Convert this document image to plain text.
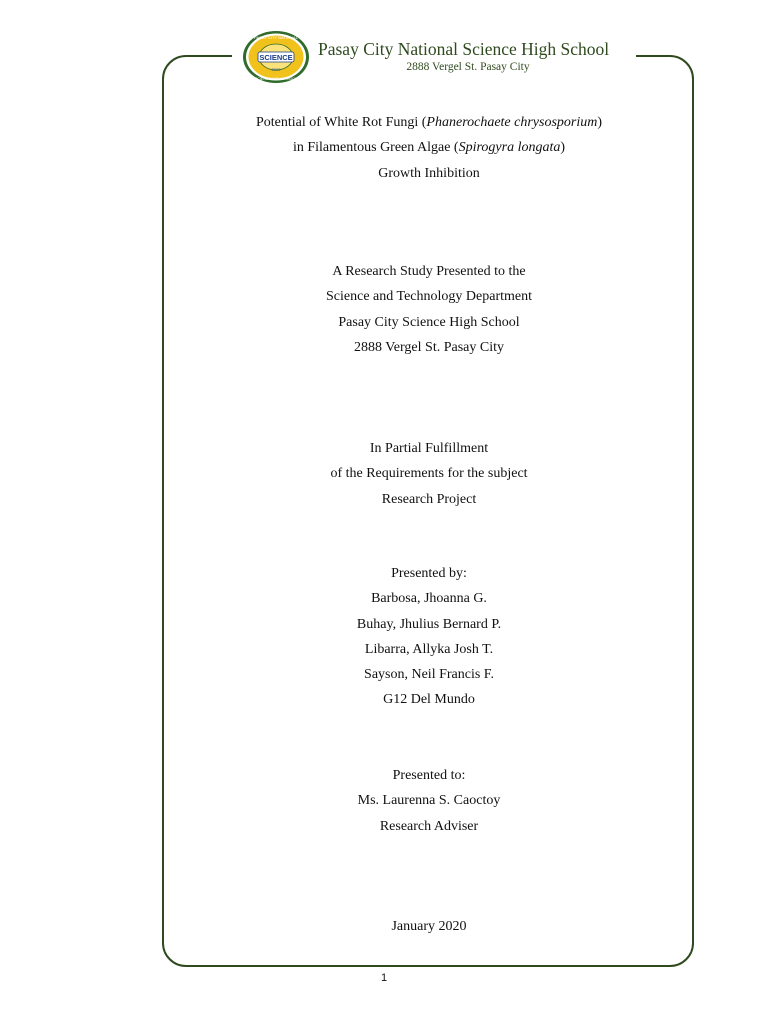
SCIENCE
2002
PASAY CITY NATIONAL
SCIENCE HIGH SCHOOL
Pasay City National Science High School
2888 Vergel St. Pasay City
Potential of White Rot Fungi (Phanerochaete chrysosporium)
in Filamentous Green Algae (Spirogyra longata)
Growth Inhibition
A Research Study Presented to the
Science and Technology Department
Pasay City Science High School
2888 Vergel St. Pasay City
In Partial Fulfillment
of the Requirements for the subject
Research Project
Presented by:
Barbosa, Jhoanna G.
Buhay, Jhulius Bernard P.
Libarra, Allyka Josh T.
Sayson, Neil Francis F.
G12 Del Mundo
Presented to:
Ms. Laurenna S. Caoctoy
Research Adviser
January 2020
1
